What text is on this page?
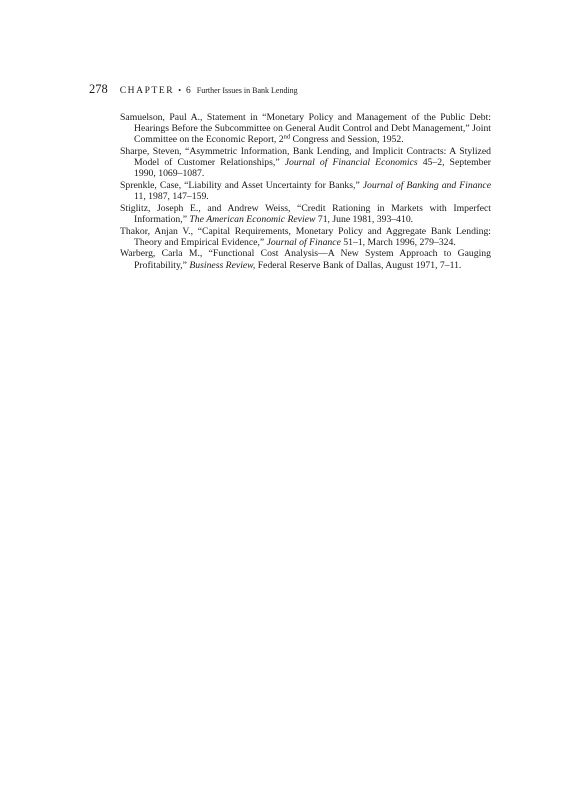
278 CHAPTER • 6 Further Issues in Bank Lending

Samuelson, Paul A., Statement in “Monetary Policy and Management of the Public Debt: Hearings Before the Subcommittee on General Audit Control and Debt Management,” Joint Committee on the Economic Report, 2nd Congress and Session, 1952.

Sharpe, Steven, “Asymmetric Information, Bank Lending, and Implicit Contracts: A Stylized Model of Customer Relationships,” Journal of Financial Economics 45–2, September 1990, 1069–1087.

Sprenkle, Case, “Liability and Asset Uncertainty for Banks,” Journal of Banking and Finance 11, 1987, 147–159.

Stiglitz, Joseph E., and Andrew Weiss, “Credit Rationing in Markets with Imperfect Information,” The American Economic Review 71, June 1981, 393–410.

Thakor, Anjan V., “Capital Requirements, Monetary Policy and Aggregate Bank Lending: Theory and Empirical Evidence,” Journal of Finance 51–1, March 1996, 279–324.

Warberg, Carla M., “Functional Cost Analysis—A New System Approach to Gauging Profitability,” Business Review, Federal Reserve Bank of Dallas, August 1971, 7–11.
